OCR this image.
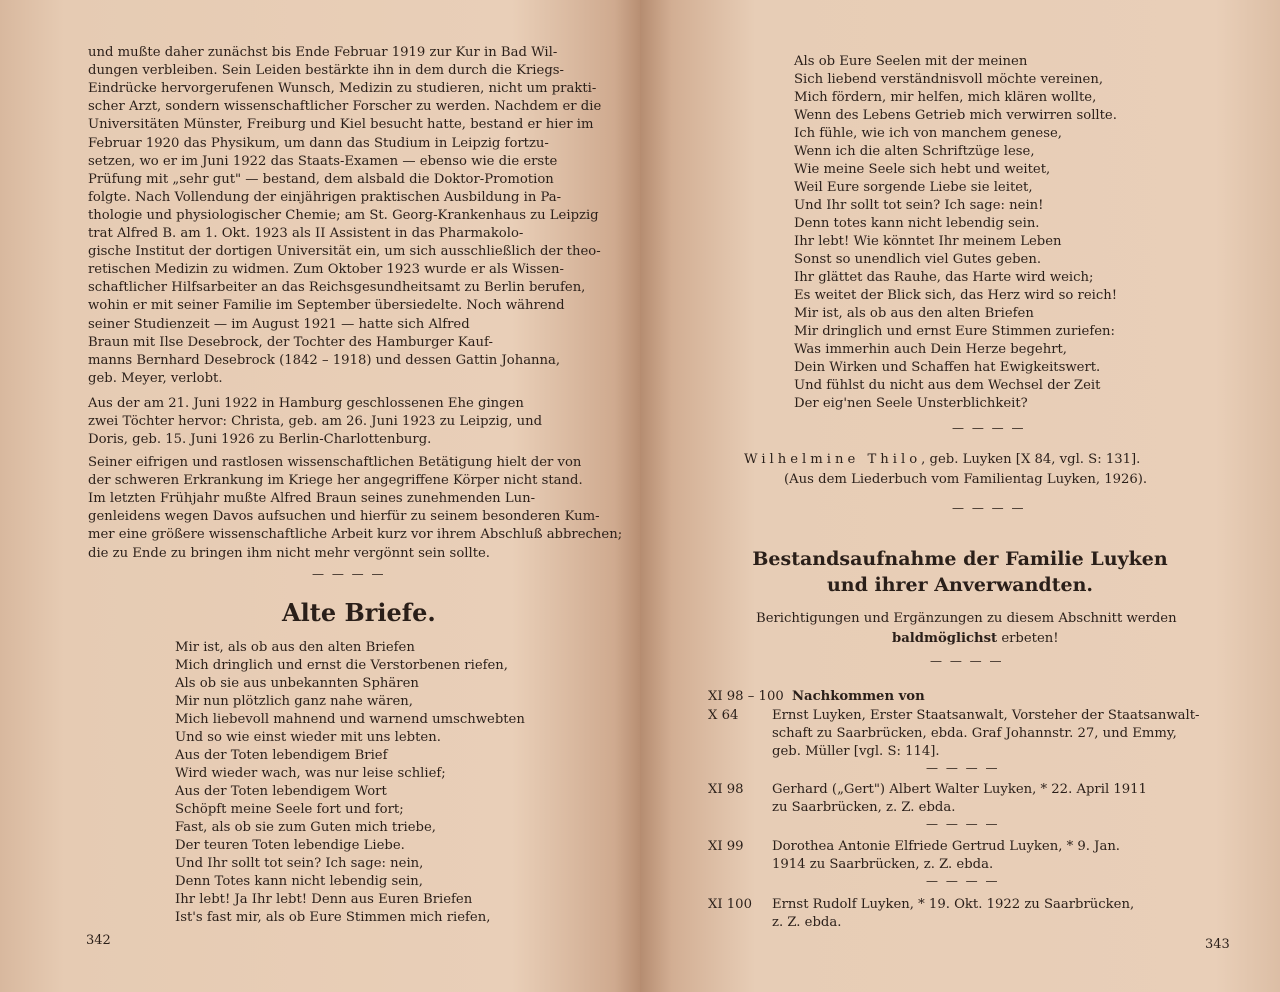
und mußte daher zunächst bis Ende Februar 1919 zur Kur in Bad Wil-
dungen verbleiben. Sein Leiden bestärkte ihn in dem durch die Kriegs-
Eindrücke hervorgerufenen Wunsch, Medizin zu studieren, nicht um prakti-
scher Arzt, sondern wissenschaftlicher Forscher zu werden. Nachdem er die
Universitäten Münster, Freiburg und Kiel besucht hatte, bestand er hier im
Februar 1920 das Physikum, um dann das Studium in Leipzig fortzu-
setzen, wo er im Juni 1922 das Staats-Examen — ebenso wie die erste
Prüfung mit „sehr gut" — bestand, dem alsbald die Doktor-Promotion
folgte. Nach Vollendung der einjährigen praktischen Ausbildung in Pa-
thologie und physiologischer Chemie; am St. Georg-Krankenhaus zu Leipzig
trat Alfred B. am 1. Okt. 1923 als II Assistent in das Pharmakolo-
gische Institut der dortigen Universität ein, um sich ausschließlich der theo-
retischen Medizin zu widmen. Zum Oktober 1923 wurde er als Wissen-
schaftlicher Hilfsarbeiter an das Reichsgesundheitsamt zu Berlin berufen,
wohin er mit seiner Familie im September übersiedelte. Noch während
seiner Studienzeit — im August 1921 — hatte sich Alfred
Braun mit Ilse Desebrock, der Tochter des Hamburger Kauf-
manns Bernhard Desebrock (1842 – 1918) und dessen Gattin Johanna,
geb. Meyer, verlobt.
Aus der am 21. Juni 1922 in Hamburg geschlossenen Ehe gingen
zwei Töchter hervor: Christa, geb. am 26. Juni 1923 zu Leipzig, und
Doris, geb. 15. Juni 1926 zu Berlin-Charlottenburg.
Seiner eifrigen und rastlosen wissenschaftlichen Betätigung hielt der von
der schweren Erkrankung im Kriege her angegriffene Körper nicht stand.
Im letzten Frühjahr mußte Alfred Braun seines zunehmenden Lun-
genleidens wegen Davos aufsuchen und hierfür zu seinem besonderen Kum-
mer eine größere wissenschaftliche Arbeit kurz vor ihrem Abschluß abbrechen;
die zu Ende zu bringen ihm nicht mehr vergönnt sein sollte.
— — — —
Alte Briefe.
Mir ist, als ob aus den alten Briefen
Mich dringlich und ernst die Verstorbenen riefen,
Als ob sie aus unbekannten Sphären
Mir nun plötzlich ganz nahe wären,
Mich liebevoll mahnend und warnend umschwebten
Und so wie einst wieder mit uns lebten.
Aus der Toten lebendigem Brief
Wird wieder wach, was nur leise schlief;
Aus der Toten lebendigem Wort
Schöpft meine Seele fort und fort;
Fast, als ob sie zum Guten mich triebe,
Der teuren Toten lebendige Liebe.
Und Ihr sollt tot sein? Ich sage: nein,
Denn Totes kann nicht lebendig sein,
Ihr lebt! Ja Ihr lebt! Denn aus Euren Briefen
Ist's fast mir, als ob Eure Stimmen mich riefen,
342
Als ob Eure Seelen mit der meinen
Sich liebend verständnisvoll möchte vereinen,
Mich fördern, mir helfen, mich klären wollte,
Wenn des Lebens Getrieb mich verwirren sollte.
Ich fühle, wie ich von manchem genese,
Wenn ich die alten Schriftzüge lese,
Wie meine Seele sich hebt und weitet,
Weil Eure sorgende Liebe sie leitet,
Und Ihr sollt tot sein? Ich sage: nein!
Denn totes kann nicht lebendig sein.
Ihr lebt! Wie könntet Ihr meinem Leben
Sonst so unendlich viel Gutes geben.
Ihr glättet das Rauhe, das Harte wird weich;
Es weitet der Blick sich, das Herz wird so reich!
Mir ist, als ob aus den alten Briefen
Mir dringlich und ernst Eure Stimmen zuriefen:
Was immerhin auch Dein Herze begehrt,
Dein Wirken und Schaffen hat Ewigkeitswert.
Und fühlst du nicht aus dem Wechsel der Zeit
Der eig'nen Seele Unsterblichkeit?
— — — —
Wilhelmine Thilo, geb. Luyken [X 84, vgl. S: 131].
(Aus dem Liederbuch vom Familientag Luyken, 1926).
— — — —
Bestandsaufnahme der Familie Luyken
und ihrer Anverwandten.
Berichtigungen und Ergänzungen zu diesem Abschnitt werden
baldmöglichst erbeten!
— — — —
XI 98 – 100 Nachkommen von
X 64	Ernst Luyken, Erster Staatsanwalt, Vorsteher der Staatsanwalt-
schaft zu Saarbrücken, ebda. Graf Johannstr. 27, und Emmy,
geb. Müller [vgl. S: 114].
— — — —
XI 98	Gerhard („Gert") Albert Walter Luyken, * 22. April 1911
zu Saarbrücken, z. Z. ebda.
— — — —
XI 99	Dorothea Antonie Elfriede Gertrud Luyken, * 9. Jan.
1914 zu Saarbrücken, z. Z. ebda.
— — — —
XI 100	Ernst Rudolf Luyken, * 19. Okt. 1922 zu Saarbrücken,
z. Z. ebda.
343
